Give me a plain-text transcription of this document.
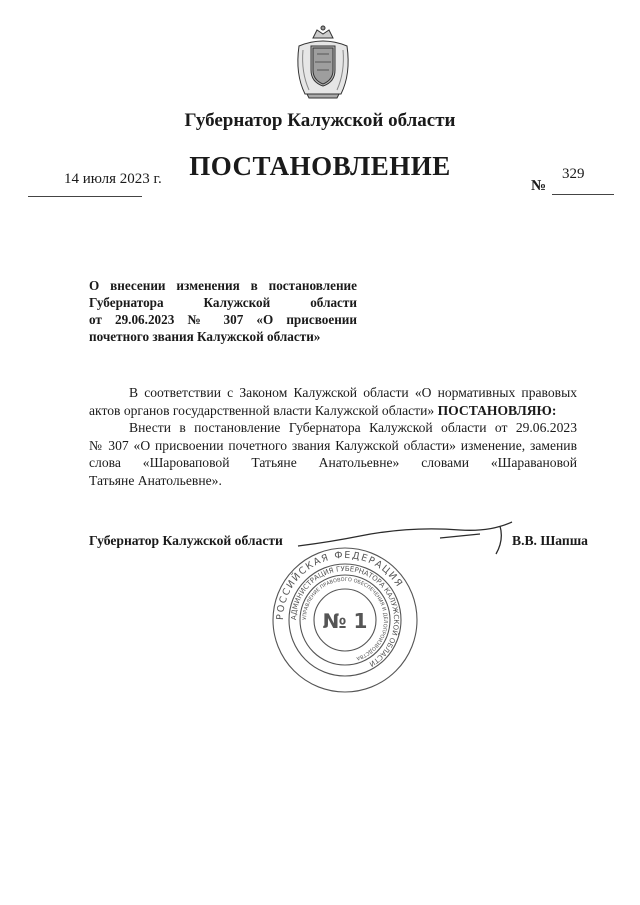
Губернатор Калужской области
ПОСТАНОВЛЕНИЕ
14 июля 2023 г.	329
№
О внесении изменения в постановление
Губернатора Калужской области
от 29.06.2023 № 307 «О присвоении
почетного звания Калужской области»
В соответствии с Законом Калужской области «О нормативных правовых
актов органов государственной власти Калужской области» ПОСТАНОВЛЯЮ:
Внести в постановление Губернатора Калужской области от 29.06.2023
№ 307 «О присвоении почетного звания Калужской области» изменение, заменив
слова «Шароваповой Татьяне Анатольевне» словами «Шаравановой
Татьяне Анатольевне».
Губернатор Калужской области	В.В. Шапша
РОССИЙСКАЯ ФЕДЕРАЦИЯ
АДМИНИСТРАЦИЯ ГУБЕРНАТОРА КАЛУЖСКОЙ ОБЛАСТИ
УПРАВЛЕНИЕ ПРАВОВОГО ОБЕСПЕЧЕНИЯ И ДЕЛОПРОИЗВОДСТВА
№ 1
